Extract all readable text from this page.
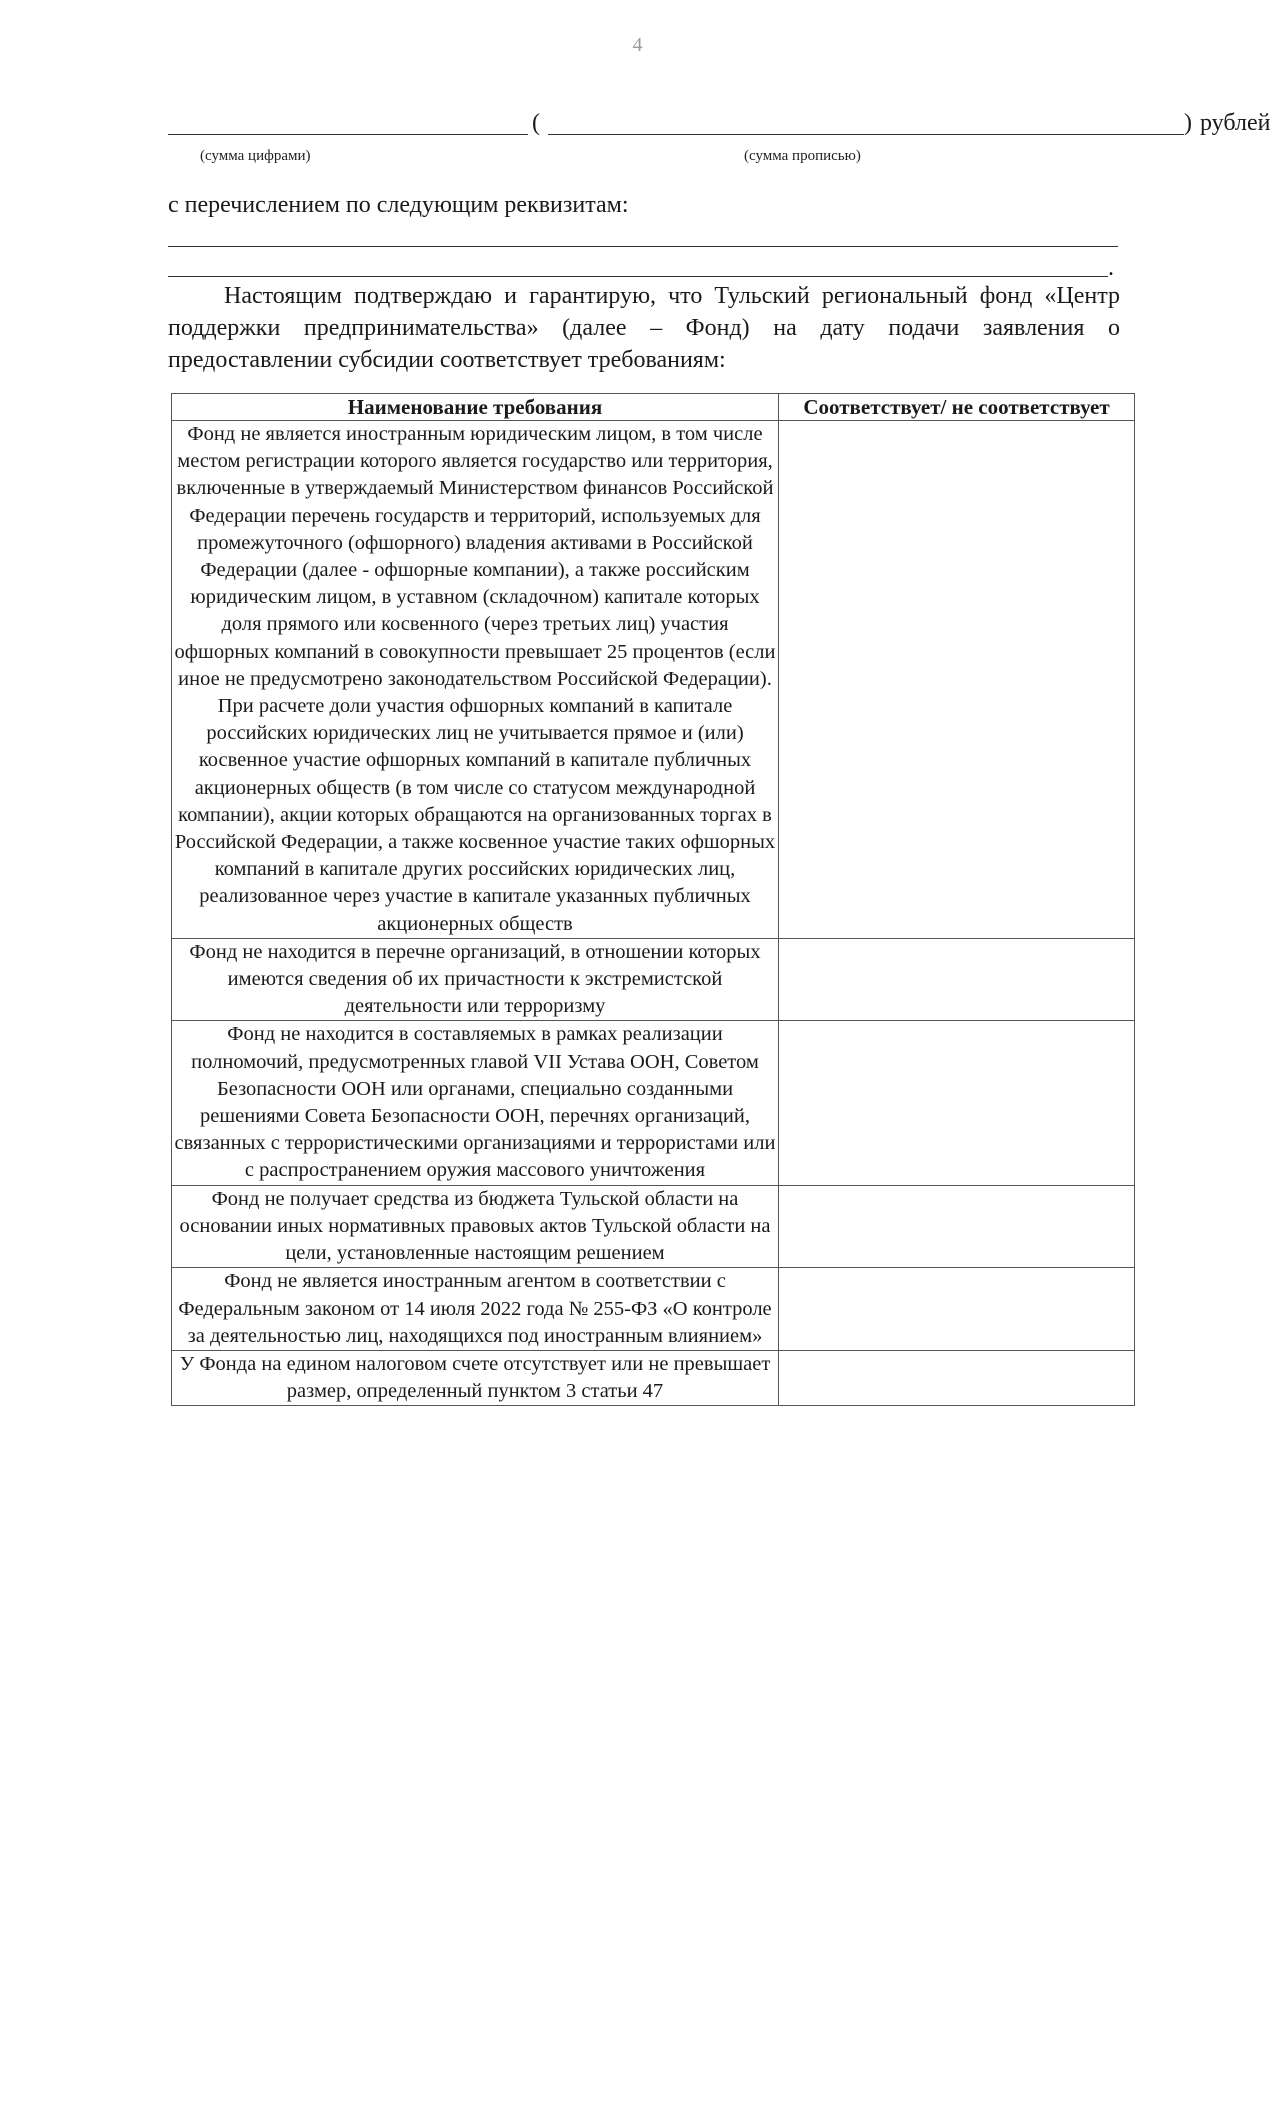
4
(	) рублей
(сумма цифрами)	(сумма прописью)
с перечислением по следующим реквизитам:
.
Настоящим подтверждаю и гарантирую, что Тульский региональный фонд «Центр поддержки предпринимательства» (далее – Фонд) на дату подачи заявления о предоставлении субсидии соответствует требованиям:
Наименование требования	Соответствует/ не соответствует
Фонд не является иностранным юридическим лицом, в том числе местом регистрации которого является государство или территория, включенные в утверждаемый Министерством финансов Российской Федерации перечень государств и территорий, используемых для промежуточного (офшорного) владения активами в Российской Федерации (далее - офшорные компании), а также российским юридическим лицом, в уставном (складочном) капитале которых доля прямого или косвенного (через третьих лиц) участия офшорных компаний в совокупности превышает 25 процентов (если иное не предусмотрено законодательством Российской Федерации). При расчете доли участия офшорных компаний в капитале российских юридических лиц не учитывается прямое и (или) косвенное участие офшорных компаний в капитале публичных акционерных обществ (в том числе со статусом международной компании), акции которых обращаются на организованных торгах в Российской Федерации, а также косвенное участие таких офшорных компаний в капитале других российских юридических лиц, реализованное через участие в капитале указанных публичных акционерных обществ	
Фонд не находится в перечне организаций, в отношении которых имеются сведения об их причастности к экстремистской деятельности или терроризму	
Фонд не находится в составляемых в рамках реализации полномочий, предусмотренных главой VII Устава ООН, Советом Безопасности ООН или органами, специально созданными решениями Совета Безопасности ООН, перечнях организаций, связанных с террористическими организациями и террористами или с распространением оружия массового уничтожения	
Фонд не получает средства из бюджета Тульской области на основании иных нормативных правовых актов Тульской области на цели, установленные настоящим решением	
Фонд не является иностранным агентом в соответствии с Федеральным законом от 14 июля 2022 года № 255-ФЗ «О контроле за деятельностью лиц, находящихся под иностранным влиянием»	
У Фонда на едином налоговом счете отсутствует или не превышает размер, определенный пунктом 3 статьи 47	
